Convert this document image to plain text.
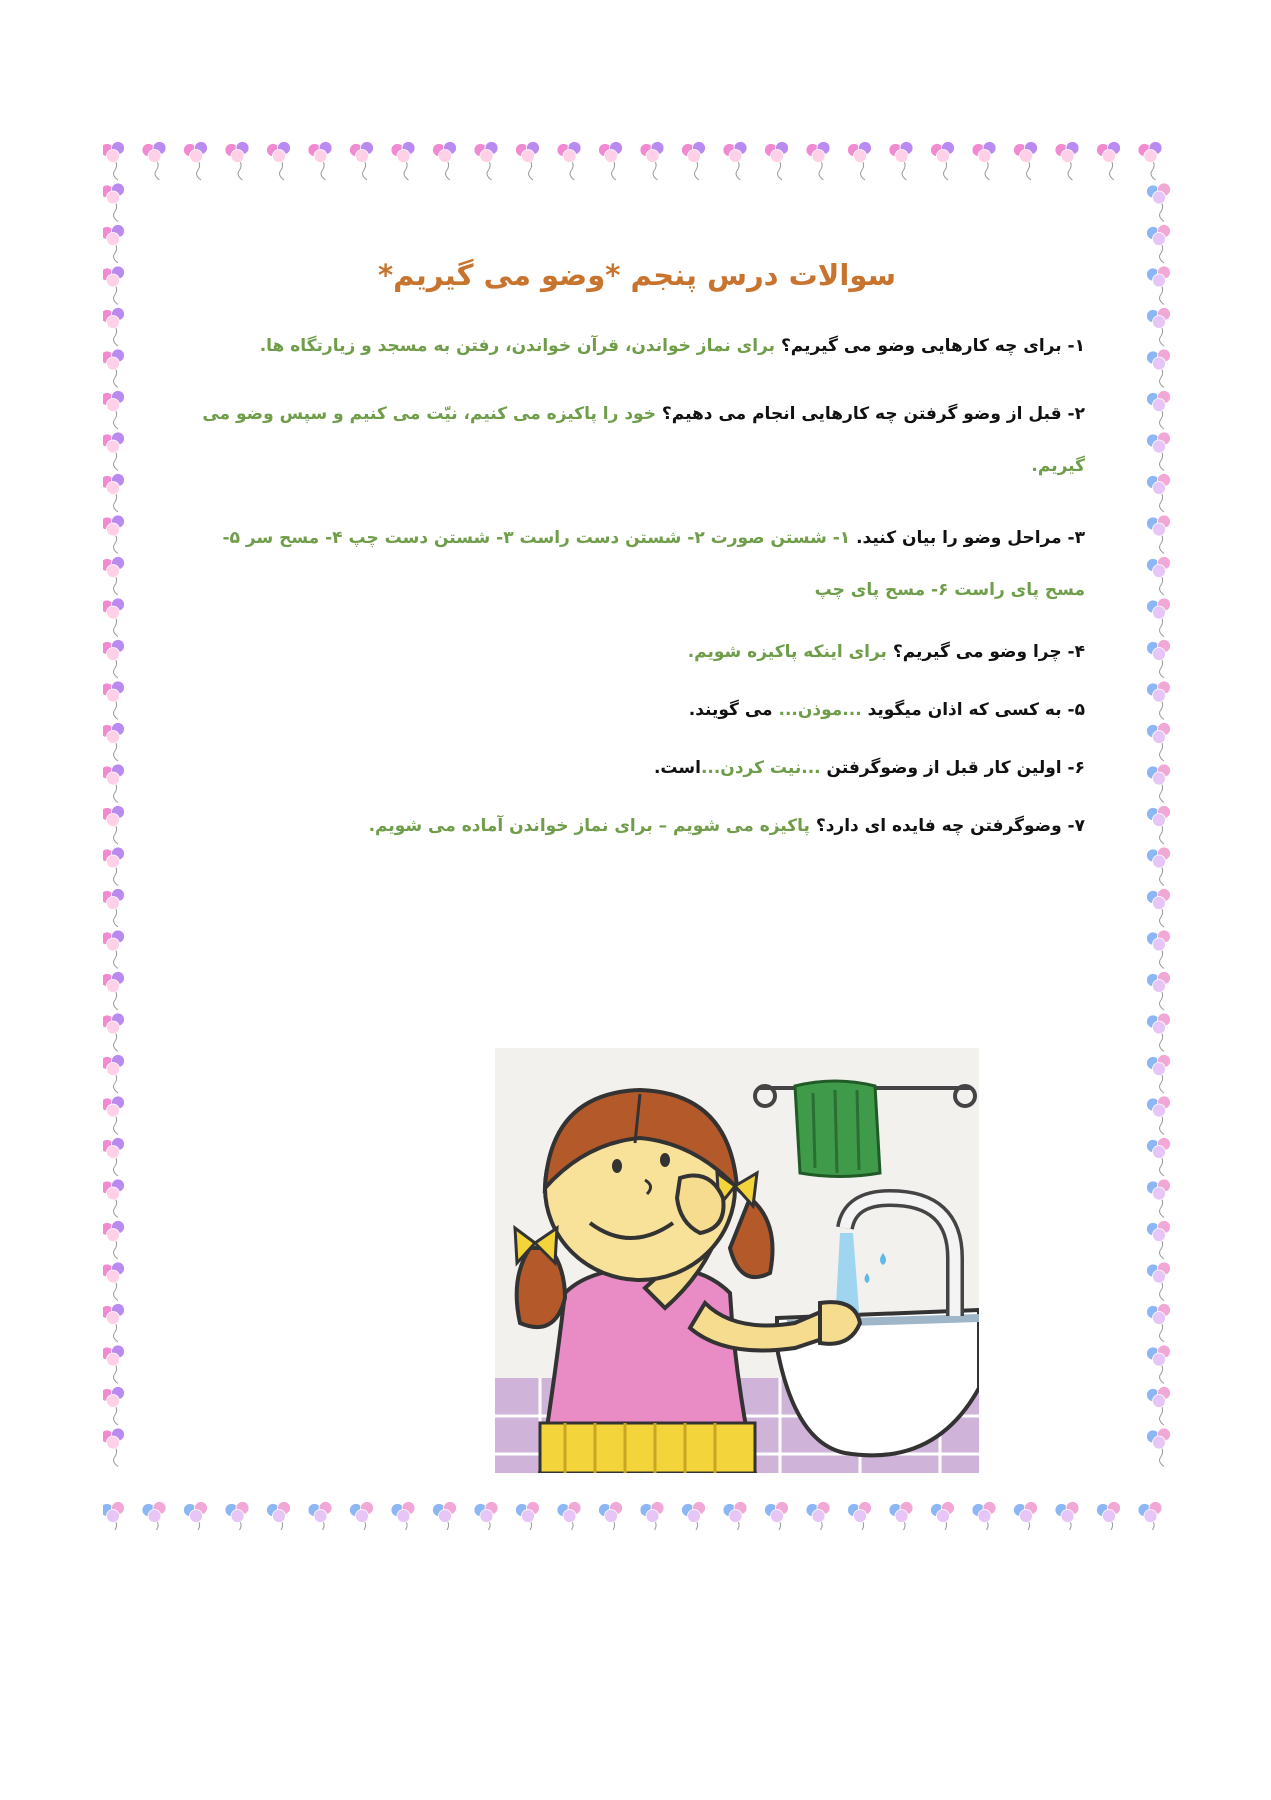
سوالات درس پنجم *وضو می گیریم*

۱- برای چه کارهایی وضو می گیریم؟ برای نماز خواندن، قرآن خواندن، رفتن به مسجد و زیارتگاه ها.

۲- قبل از وضو گرفتن چه کارهایی انجام می دهیم؟ خود را پاکیزه می کنیم، نیّت می کنیم و سپس وضو می گیریم.

۳- مراحل وضو را بیان کنید. ۱- شستن صورت ۲- شستن دست راست ۳- شستن دست چپ ۴- مسح سر ۵- مسح پای راست ۶- مسح پای چپ

۴- چرا وضو می گیریم؟ برای اینکه پاکیزه شویم.

۵- به کسی که اذان میگوید ...موذن... می گویند.

۶- اولین کار قبل از وضوگرفتن ...نیت کردن...است.

۷- وضوگرفتن چه فایده ای دارد؟ پاکیزه می شویم – برای نماز خواندن آماده می شویم.
